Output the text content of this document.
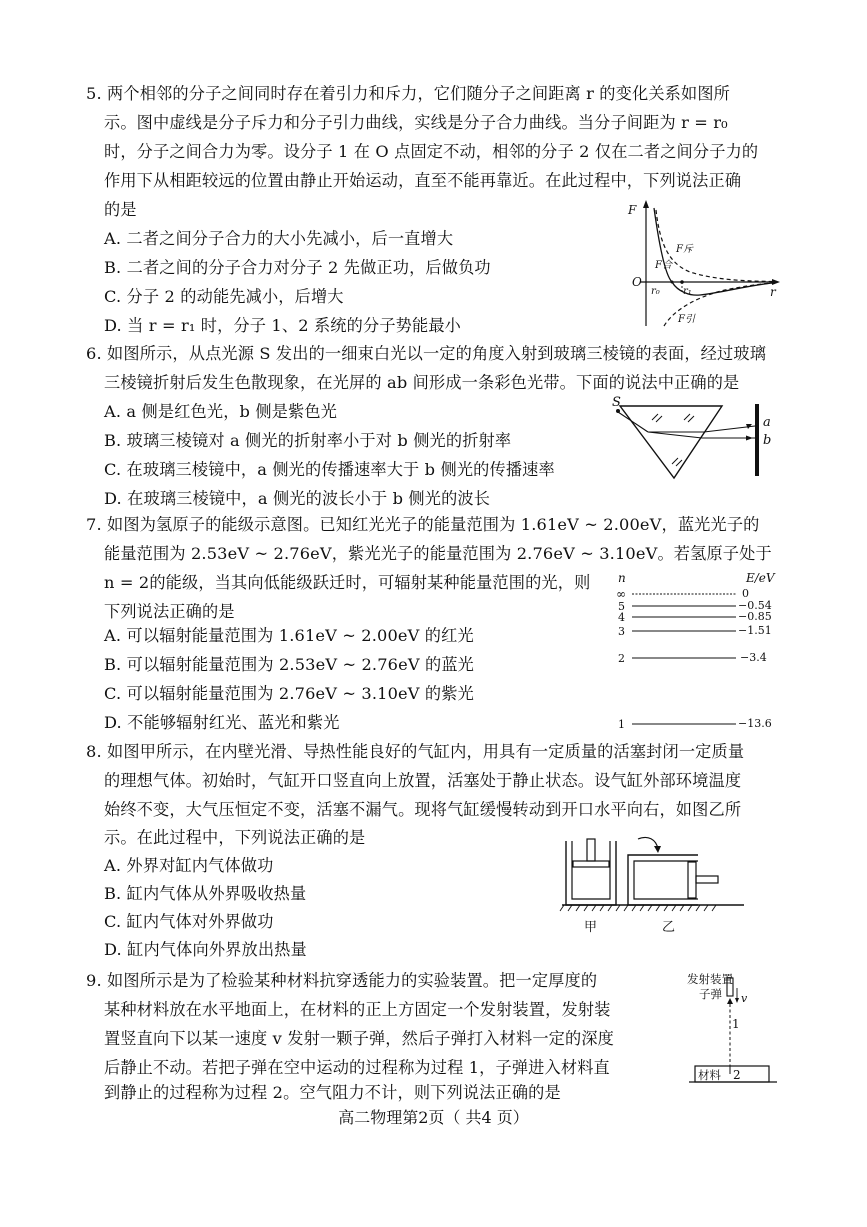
5. 两个相邻的分子之间同时存在着引力和斥力，它们随分子之间距离 r 的变化关系如图所
示。图中虚线是分子斥力和分子引力曲线，实线是分子合力曲线。当分子间距为 r = r₀
时，分子之间合力为零。设分子 1 在 O 点固定不动，相邻的分子 2 仅在二者之间分子力的
作用下从相距较远的位置由静止开始运动，直至不能再靠近。在此过程中，下列说法正确
的是
A. 二者之间分子合力的大小先减小，后一直增大
B. 二者之间的分子合力对分子 2 先做正功，后做负功
C. 分子 2 的动能先减小，后增大
D. 当 r = r₁ 时，分子 1、2 系统的分子势能最小
F
O
r
r₀ r₁
F斥
F合
F引
6. 如图所示，从点光源 S 发出的一细束白光以一定的角度入射到玻璃三棱镜的表面，经过玻璃
三棱镜折射后发生色散现象，在光屏的 ab 间形成一条彩色光带。下面的说法中正确的是
A. a 侧是红色光，b 侧是紫色光
B. 玻璃三棱镜对 a 侧光的折射率小于对 b 侧光的折射率
C. 在玻璃三棱镜中，a 侧光的传播速率大于 b 侧光的传播速率
D. 在玻璃三棱镜中，a 侧光的波长小于 b 侧光的波长
S
a
b
7. 如图为氢原子的能级示意图。已知红光光子的能量范围为 1.61eV ~ 2.00eV，蓝光光子的
能量范围为 2.53eV ~ 2.76eV，紫光光子的能量范围为 2.76eV ~ 3.10eV。若氢原子处于
n = 2的能级，当其向低能级跃迁时，可辐射某种能量范围的光，则
下列说法正确的是
A. 可以辐射能量范围为 1.61eV ~ 2.00eV 的红光
B. 可以辐射能量范围为 2.53eV ~ 2.76eV 的蓝光
C. 可以辐射能量范围为 2.76eV ~ 3.10eV 的紫光
D. 不能够辐射红光、蓝光和紫光
n	E/eV
∞	0
5	−0.54
4	−0.85
3	−1.51
2	−3.4
1	−13.6
8. 如图甲所示，在内壁光滑、导热性能良好的气缸内，用具有一定质量的活塞封闭一定质量
的理想气体。初始时，气缸开口竖直向上放置，活塞处于静止状态。设气缸外部环境温度
始终不变，大气压恒定不变，活塞不漏气。现将气缸缓慢转动到开口水平向右，如图乙所
示。在此过程中，下列说法正确的是
A. 外界对缸内气体做功
B. 缸内气体从外界吸收热量
C. 缸内气体对外界做功
D. 缸内气体向外界放出热量
甲	乙
9. 如图所示是为了检验某种材料抗穿透能力的实验装置。把一定厚度的
某种材料放在水平地面上，在材料的正上方固定一个发射装置，发射装
置竖直向下以某一速度 v 发射一颗子弹，然后子弹打入材料一定的深度
后静止不动。若把子弹在空中运动的过程称为过程 1，子弹进入材料直
到静止的过程称为过程 2。空气阻力不计，则下列说法正确的是
发射装置
子弹 v
1
材料 2
高二物理第2页（ 共4 页）
